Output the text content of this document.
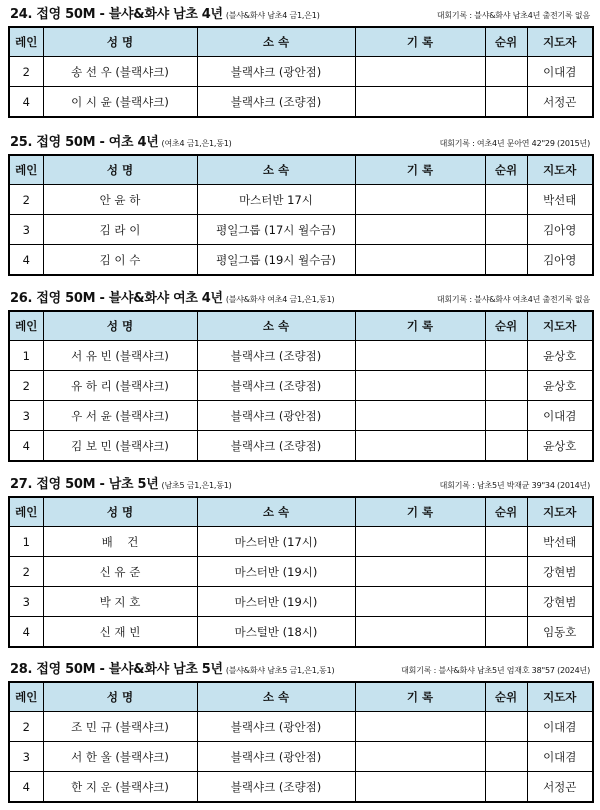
24. 접영 50M - 블샤&화샤 남초 4년 (블샤&화샤 남초4 금1,은1)	대회기록 : 블샤&화샤 남초4년 출전기록 없음
레인	성 명	소 속	기 록	순위	지도자
2	송 선 우 (블랙샤크)	블랙샤크 (광안점)			이대겸
4	이 시 윤 (블랙샤크)	블랙샤크 (조량점)			서정곤
25. 접영 50M - 여초 4년 (여초4 금1,은1,동1)	대회기록 : 여초4년 문아연 42"29 (2015년)
레인	성 명	소 속	기 록	순위	지도자
2	안 윤 하	마스터반 17시			박선태
3	김 라 이	평일그룹 (17시 월수금)			김아영
4	김 이 수	평일그룹 (19시 월수금)			김아영
26. 접영 50M - 블샤&화샤 여초 4년 (블샤&화샤 여초4 금1,은1,동1)	대회기록 : 블샤&화샤 여초4년 출전기록 없음
레인	성 명	소 속	기 록	순위	지도자
1	서 유 빈 (블랙샤크)	블랙샤크 (조량점)			윤상호
2	유 하 리 (블랙샤크)	블랙샤크 (조량점)			윤상호
3	우 서 윤 (블랙샤크)	블랙샤크 (광안점)			이대겸
4	김 보 민 (블랙샤크)	블랙샤크 (조량점)			윤상호
27. 접영 50M - 남초 5년 (남초5 금1,은1,동1)	대회기록 : 남초5년 박재균 39"34 (2014년)
레인	성 명	소 속	기 록	순위	지도자
1	배    건	마스터반 (17시)			박선태
2	신 유 준	마스터반 (19시)			강현범
3	박 지 호	마스터반 (19시)			강현범
4	신 재 빈	마스털반 (18시)			임동호
28. 접영 50M - 블샤&화샤 남초 5년 (블샤&화샤 남초5 금1,은1,동1)	대회기록 : 블샤&화샤 남초5년 엄재호 38"57 (2024년)
레인	성 명	소 속	기 록	순위	지도자
2	조 민 규 (블랙샤크)	블랙샤크 (광안점)			이대겸
3	서 한 울 (블랙샤크)	블랙샤크 (광안점)			이대겸
4	한 지 운 (블랙샤크)	블랙샤크 (조량점)			서정곤
